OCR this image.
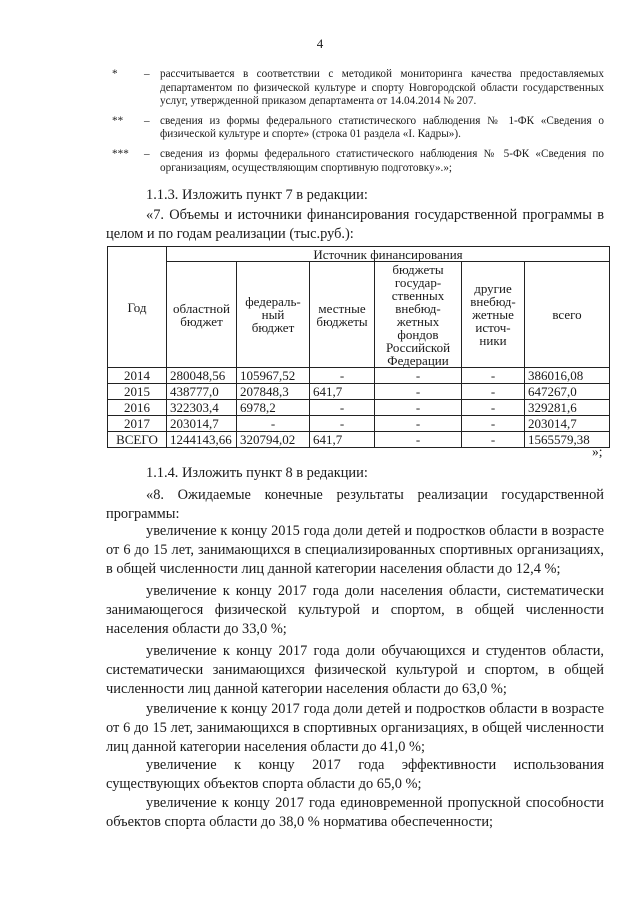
4
*	– рассчитывается в соответствии с методикой мониторинга качества предоставляемых департаментом по физической культуре и спорту Новгородской области государственных услуг, утвержденной приказом департамента от 14.04.2014 № 207.
**	– сведения из формы федерального статистического наблюдения № 1-ФК «Сведения о физической культуре и спорте» (строка 01 раздела «I. Кадры»).
***	– сведения из формы федерального статистического наблюдения № 5-ФК «Сведения по организациям, осуществляющим спортивную подготовку».»;
1.1.3. Изложить пункт 7 в редакции:
«7. Объемы и источники финансирования государственной программы в целом и по годам реализации (тыс.руб.):
Год	Источник финансирования					
	областной бюджет	федераль-ный бюджет	местные бюджеты	бюджеты государ-ственных внебюд-жетных фондов Российской Федерации	другие внебюд-жетные источ-ники	всего
2014	280048,56	105967,52	-	-	-	386016,08
2015	438777,0	207848,3	641,7	-	-	647267,0
2016	322303,4	6978,2	-	-	-	329281,6
2017	203014,7	-	-	-	-	203014,7
ВСЕГО	1244143,66	320794,02	641,7	-	-	1565579,38
»;
1.1.4. Изложить пункт 8 в редакции:
«8. Ожидаемые конечные результаты реализации государственной программы:
увеличение к концу 2015 года доли детей и подростков области в возрасте от 6 до 15 лет, занимающихся в специализированных спортивных организациях, в общей численности лиц данной категории населения области до 12,4 %;
увеличение к концу 2017 года доли населения области, систематически занимающегося физической культурой и спортом, в общей численности населения области до 33,0 %;
увеличение к концу 2017 года доли обучающихся и студентов области, систематически занимающихся физической культурой и спортом, в общей численности лиц данной категории населения области до 63,0 %;
увеличение к концу 2017 года доли детей и подростков области в возрасте от 6 до 15 лет, занимающихся в спортивных организациях, в общей численности лиц данной категории населения области до 41,0 %;
увеличение к концу 2017 года эффективности использования существующих объектов спорта области до 65,0 %;
увеличение к концу 2017 года единовременной пропускной способности объектов спорта области до 38,0 % норматива обеспеченности;
